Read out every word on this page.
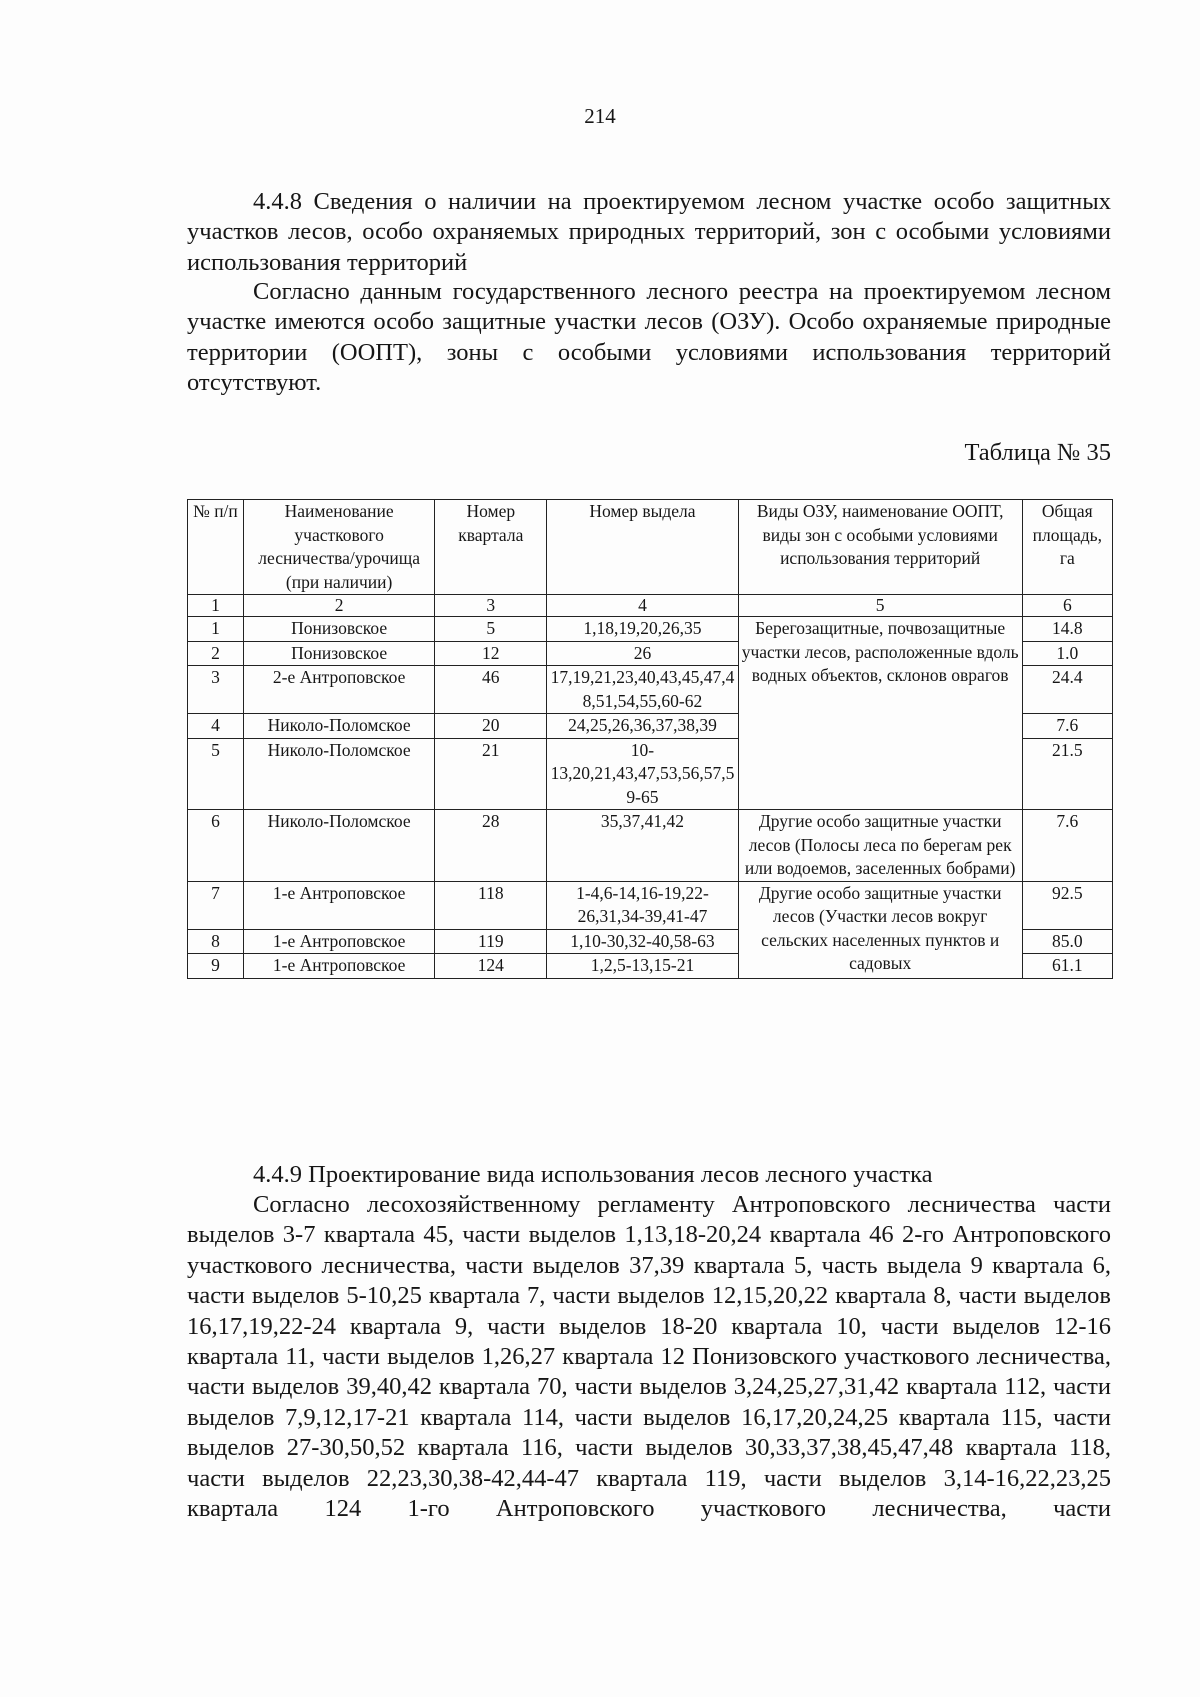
214
4.4.8 Сведения о наличии на проектируемом лесном участке особо защитных участков лесов, особо охраняемых природных территорий, зон с особыми условиями использования территорий
Согласно данным государственного лесного реестра на проектируемом лесном участке имеются особо защитные участки лесов (ОЗУ). Особо охраняемые природные территории (ООПТ), зоны с особыми условиями использования территорий отсутствуют.
Таблица № 35
№ п/п	Наименование участкового лесничества/урочища (при наличии)	Номер квартала	Номер выдела	Виды ОЗУ, наименование ООПТ, виды зон с особыми условиями использования территорий	Общая площадь, га
1	2	3	4	5	6
1	Понизовское	5	1,18,19,20,26,35	Берегозащитные, почвозащитные участки лесов, расположенные вдоль водных объектов, склонов оврагов	14.8
2	Понизовское	12	26		1.0
3	2-е Антроповское	46	17,19,21,23,40,43,45,47,48,51,54,55,60-62		24.4
4	Николо-Поломское	20	24,25,26,36,37,38,39		7.6
5	Николо-Поломское	21	10-13,20,21,43,47,53,56,57,59-65		21.5
6	Николо-Поломское	28	35,37,41,42	Другие особо защитные участки лесов (Полосы леса по берегам рек или водоемов, заселенных бобрами)	7.6
7	1-е Антроповское	118	1-4,6-14,16-19,22-26,31,34-39,41-47	Другие особо защитные участки лесов (Участки лесов вокруг сельских населенных пунктов и садовых	92.5
8	1-е Антроповское	119	1,10-30,32-40,58-63		85.0
9	1-е Антроповское	124	1,2,5-13,15-21		61.1
4.4.9 Проектирование вида использования лесов лесного участка
Согласно лесохозяйственному регламенту Антроповского лесничества части выделов 3-7 квартала 45, части выделов 1,13,18-20,24 квартала 46 2-го Антроповского участкового лесничества, части выделов 37,39 квартала 5, часть выдела 9 квартала 6, части выделов 5-10,25 квартала 7, части выделов 12,15,20,22 квартала 8, части выделов 16,17,19,22-24 квартала 9, части выделов 18-20 квартала 10, части выделов 12-16 квартала 11, части выделов 1,26,27 квартала 12 Понизовского участкового лесничества, части выделов 39,40,42 квартала 70, части выделов 3,24,25,27,31,42 квартала 112, части выделов 7,9,12,17-21 квартала 114, части выделов 16,17,20,24,25 квартала 115, части выделов 27-30,50,52 квартала 116, части выделов 30,33,37,38,45,47,48 квартала 118, части выделов 22,23,30,38-42,44-47 квартала 119, части выделов 3,14-16,22,23,25 квартала 124 1-го Антроповского участкового лесничества, части
